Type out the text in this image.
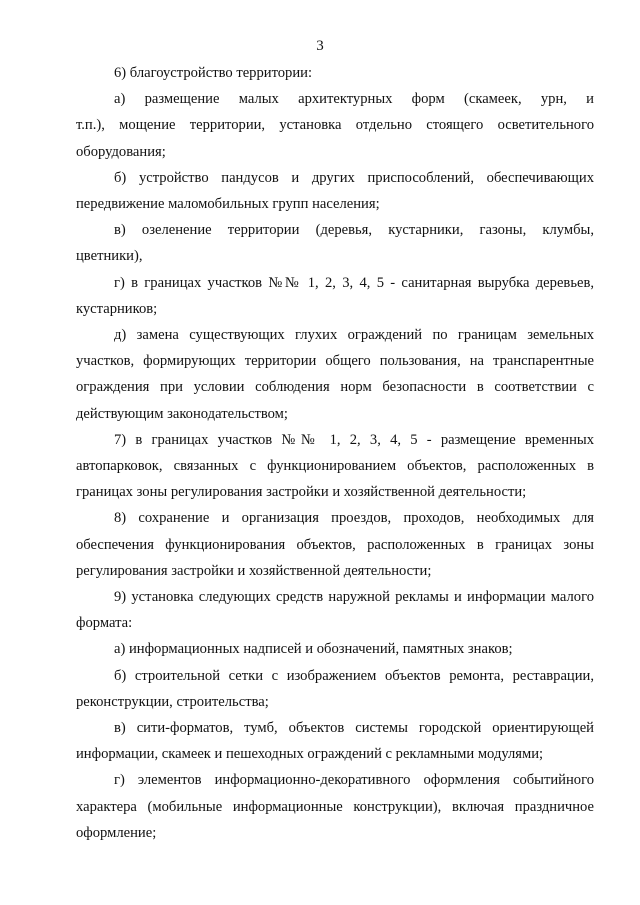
3

6) благоустройство территории:

а) размещение малых архитектурных форм (скамеек, урн, и т.п.), мощение территории, установка отдельно стоящего осветительного оборудования;

б) устройство пандусов и других приспособлений, обеспечивающих передвижение маломобильных групп населения;

в) озеленение территории (деревья, кустарники, газоны, клумбы, цветники),

г) в границах участков №№ 1, 2, 3, 4, 5 - санитарная вырубка деревьев, кустарников;

д) замена существующих глухих ограждений по границам земельных участков, формирующих территории общего пользования, на транспарентные ограждения при условии соблюдения норм безопасности в соответствии с действующим законодательством;

7) в границах участков №№ 1, 2, 3, 4, 5 - размещение временных автопарковок, связанных с функционированием объектов, расположенных в границах зоны регулирования застройки и хозяйственной деятельности;

8) сохранение и организация проездов, проходов, необходимых для обеспечения функционирования объектов, расположенных в границах зоны регулирования застройки и хозяйственной деятельности;

9) установка следующих средств наружной рекламы и информации малого формата:

а) информационных надписей и обозначений, памятных знаков;

б) строительной сетки с изображением объектов ремонта, реставрации, реконструкции, строительства;

в) сити-форматов, тумб, объектов системы городской ориентирующей информации, скамеек и пешеходных ограждений с рекламными модулями;

г) элементов информационно-декоративного оформления событийного характера (мобильные информационные конструкции), включая праздничное оформление;
